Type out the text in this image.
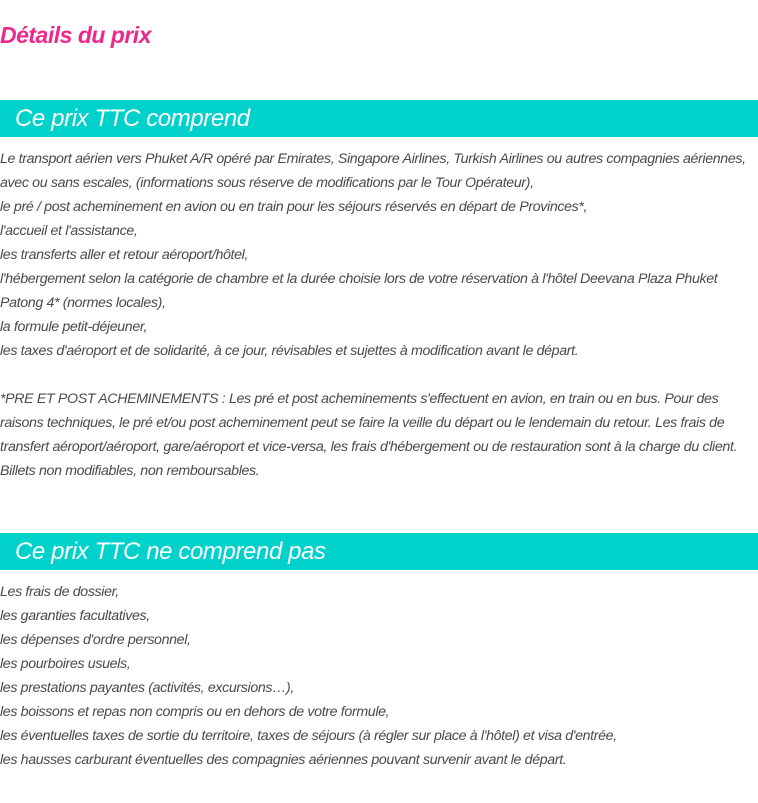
Détails du prix
Ce prix TTC comprend

Le transport aérien vers Phuket A/R opéré par Emirates, Singapore Airlines, Turkish Airlines ou autres compagnies aériennes, avec ou sans escales, (informations sous réserve de modifications par le Tour Opérateur),

le pré / post acheminement en avion ou en train pour les séjours réservés en départ de Provinces*,

l'accueil et l'assistance,

les transferts aller et retour aéroport/hôtel,

l'hébergement selon la catégorie de chambre et la durée choisie lors de votre réservation à l'hôtel Deevana Plaza Phuket Patong 4* (normes locales),

la formule petit-déjeuner,

les taxes d'aéroport et de solidarité, à ce jour, révisables et sujettes à modification avant le départ.

*PRE ET POST ACHEMINEMENTS : Les pré et post acheminements s'effectuent en avion, en train ou en bus. Pour des raisons techniques, le pré et/ou post acheminement peut se faire la veille du départ ou le lendemain du retour. Les frais de transfert aéroport/aéroport, gare/aéroport et vice-versa, les frais d'hébergement ou de restauration sont à la charge du client. Billets non modifiables, non remboursables.

Ce prix TTC ne comprend pas

Les frais de dossier,

les garanties facultatives,

les dépenses d'ordre personnel,

les pourboires usuels,

les prestations payantes (activités, excursions…),

les boissons et repas non compris ou en dehors de votre formule,

les éventuelles taxes de sortie du territoire, taxes de séjours (à régler sur place à l'hôtel) et visa d'entrée,

les hausses carburant éventuelles des compagnies aériennes pouvant survenir avant le départ.
